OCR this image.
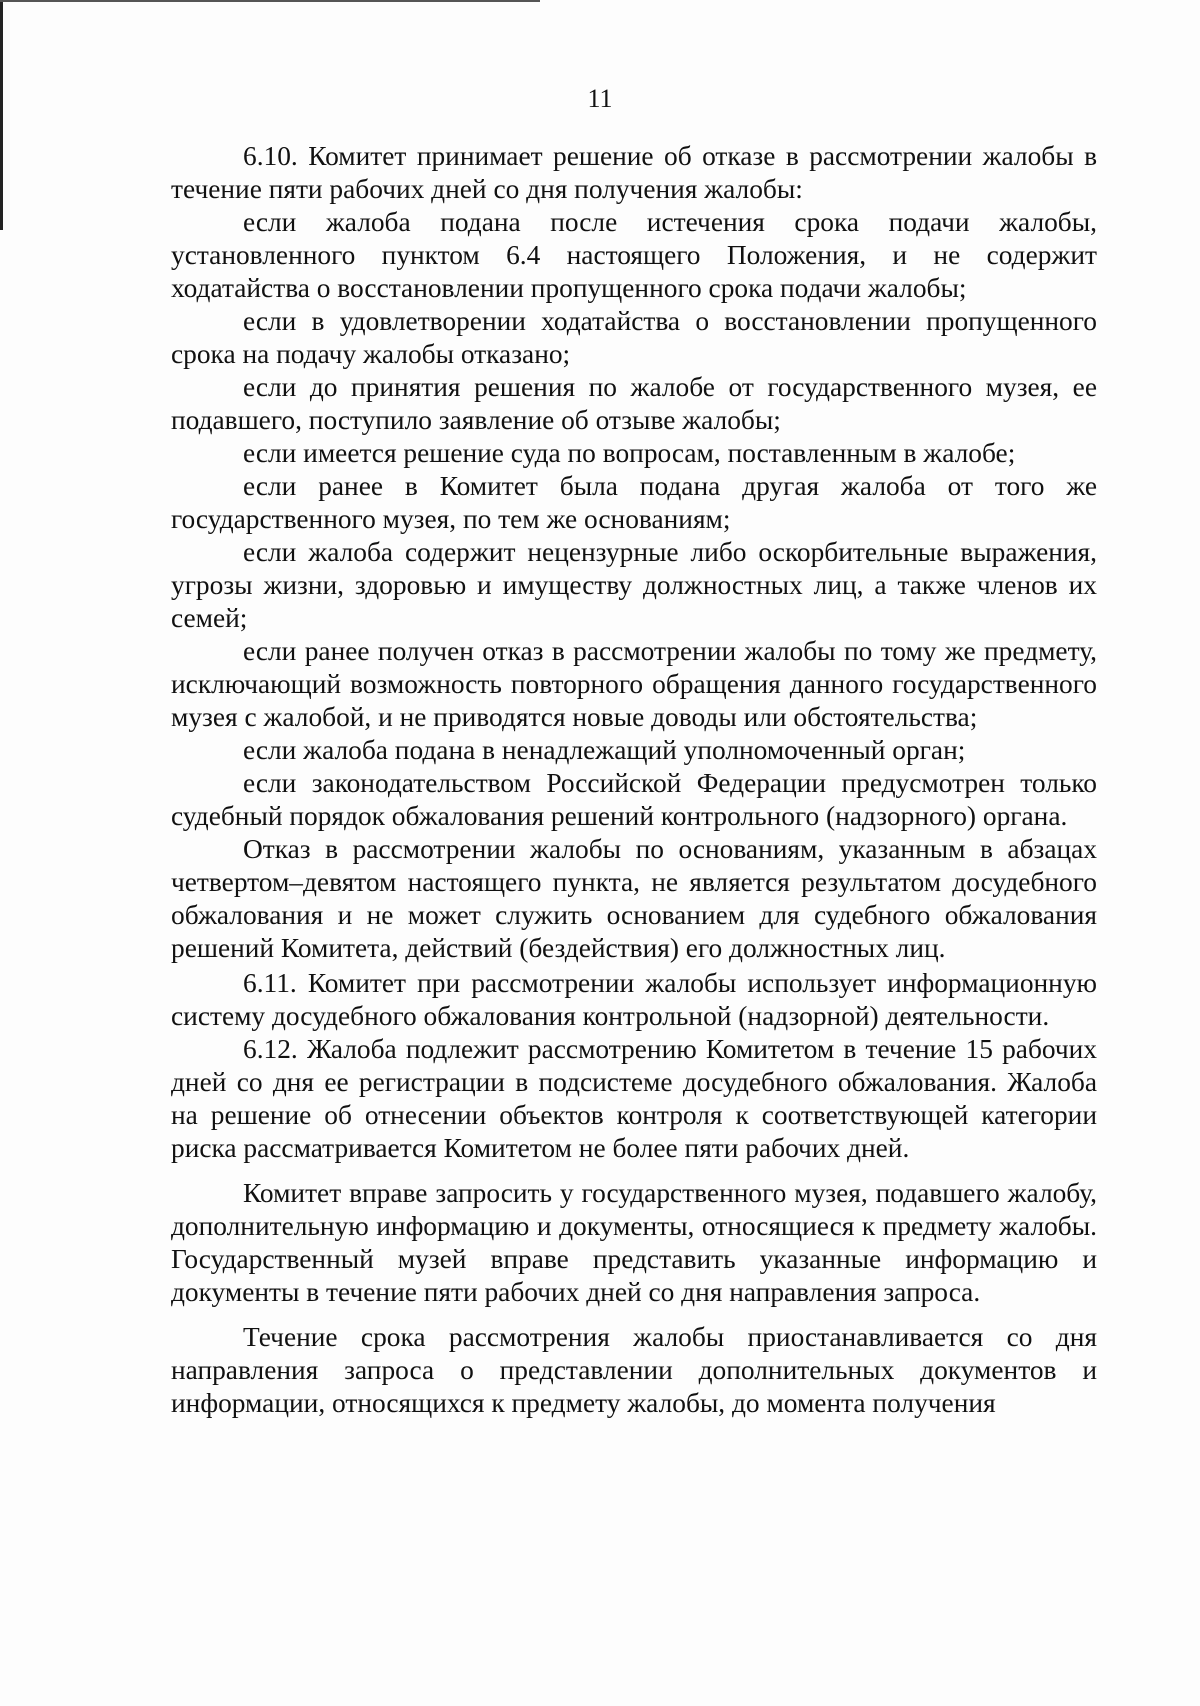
11

6.10. Комитет принимает решение об отказе в рассмотрении жалобы в течение пяти рабочих дней со дня получения жалобы:

если жалоба подана после истечения срока подачи жалобы, установленного пунктом 6.4 настоящего Положения, и не содержит ходатайства о восстановлении пропущенного срока подачи жалобы;

если в удовлетворении ходатайства о восстановлении пропущенного срока на подачу жалобы отказано;

если до принятия решения по жалобе от государственного музея, ее подавшего, поступило заявление об отзыве жалобы;

если имеется решение суда по вопросам, поставленным в жалобе;

если ранее в Комитет была подана другая жалоба от того же государственного музея, по тем же основаниям;

если жалоба содержит нецензурные либо оскорбительные выражения, угрозы жизни, здоровью и имуществу должностных лиц, а также членов их семей;

если ранее получен отказ в рассмотрении жалобы по тому же предмету, исключающий возможность повторного обращения данного государственного музея с жалобой, и не приводятся новые доводы или обстоятельства;

если жалоба подана в ненадлежащий уполномоченный орган;

если законодательством Российской Федерации предусмотрен только судебный порядок обжалования решений контрольного (надзорного) органа.

Отказ в рассмотрении жалобы по основаниям, указанным в абзацах четвертом–девятом настоящего пункта, не является результатом досудебного обжалования и не может служить основанием для судебного обжалования решений Комитета, действий (бездействия) его должностных лиц.

6.11. Комитет при рассмотрении жалобы использует информационную систему досудебного обжалования контрольной (надзорной) деятельности.

6.12. Жалоба подлежит рассмотрению Комитетом в течение 15 рабочих дней со дня ее регистрации в подсистеме досудебного обжалования. Жалоба на решение об отнесении объектов контроля к соответствующей категории риска рассматривается Комитетом не более пяти рабочих дней.

Комитет вправе запросить у государственного музея, подавшего жалобу, дополнительную информацию и документы, относящиеся к предмету жалобы. Государственный музей вправе представить указанные информацию и документы в течение пяти рабочих дней со дня направления запроса.

Течение срока рассмотрения жалобы приостанавливается со дня направления запроса о представлении дополнительных документов и информации, относящихся к предмету жалобы, до момента получения
